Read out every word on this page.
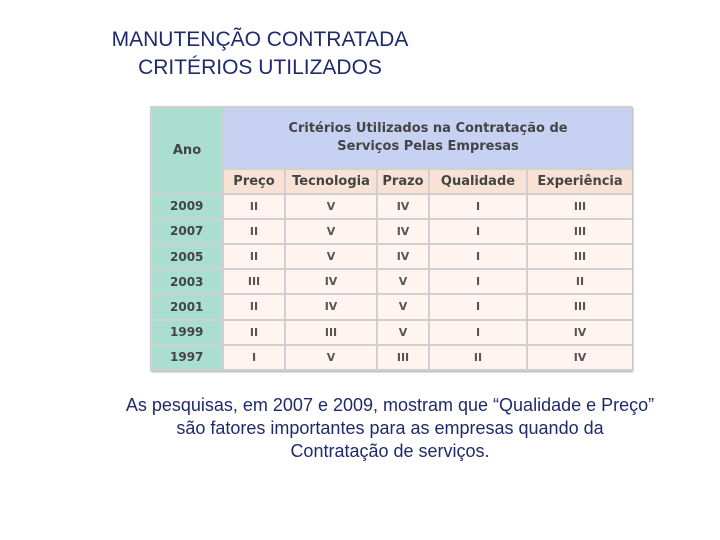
MANUTENÇÃO CONTRATADA
CRITÉRIOS UTILIZADOS
Ano	Critérios Utilizados na Contratação de
Serviços Pelas Empresas				

	Preço	Tecnologia	Prazo	Qualidade	Experiência
2009	II	V	IV	I	III
2007	II	V	IV	I	III
2005	II	V	IV	I	III
2003	III	IV	V	I	II
2001	II	IV	V	I	III
1999	II	III	V	I	IV
1997	I	V	III	II	IV
As pesquisas, em 2007 e 2009, mostram que “Qualidade e Preço”
são fatores importantes para as empresas quando da
Contratação de serviços.
